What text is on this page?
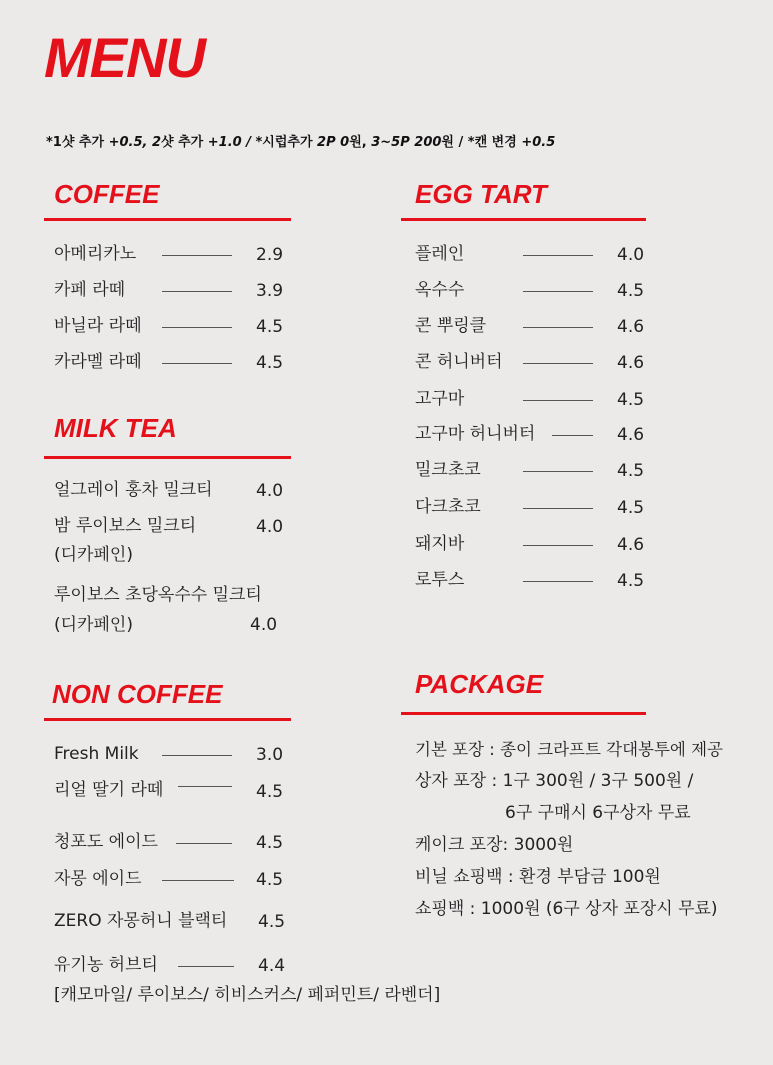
MENU
*1샷 추가 +0.5, 2샷 추가 +1.0 / *시럽추가 2P 0원, 3~5P 200원 / *캔 변경 +0.5
COFFEE
아메리카노	2.9
카페 라떼	3.9
바닐라 라떼	4.5
카라멜 라떼	4.5
MILK TEA
얼그레이 홍차 밀크티	4.0
밤 루이보스 밀크티	4.0
(디카페인)
루이보스 초당옥수수 밀크티
(디카페인)	4.0
NON COFFEE
Fresh Milk	3.0
리얼 딸기 라떼	4.5
청포도 에이드	4.5
자몽 에이드	4.5
ZERO 자몽허니 블랙티 4.5
유기농 허브티	4.4
[캐모마일/ 루이보스/ 히비스커스/ 페퍼민트/ 라벤더]
EGG TART
플레인	4.0
옥수수	4.5
콘 뿌링클	4.6
콘 허니버터	4.6
고구마	4.5
고구마 허니버터	4.6
밀크초코	4.5
다크초코	4.5
돼지바	4.6
로투스	4.5
PACKAGE
기본 포장 : 종이 크라프트 각대봉투에 제공
상자 포장 : 1구 300원 / 3구 500원 /
6구 구매시 6구상자 무료
케이크 포장: 3000원
비닐 쇼핑백 : 환경 부담금 100원
쇼핑백 : 1000원 (6구 상자 포장시 무료)
